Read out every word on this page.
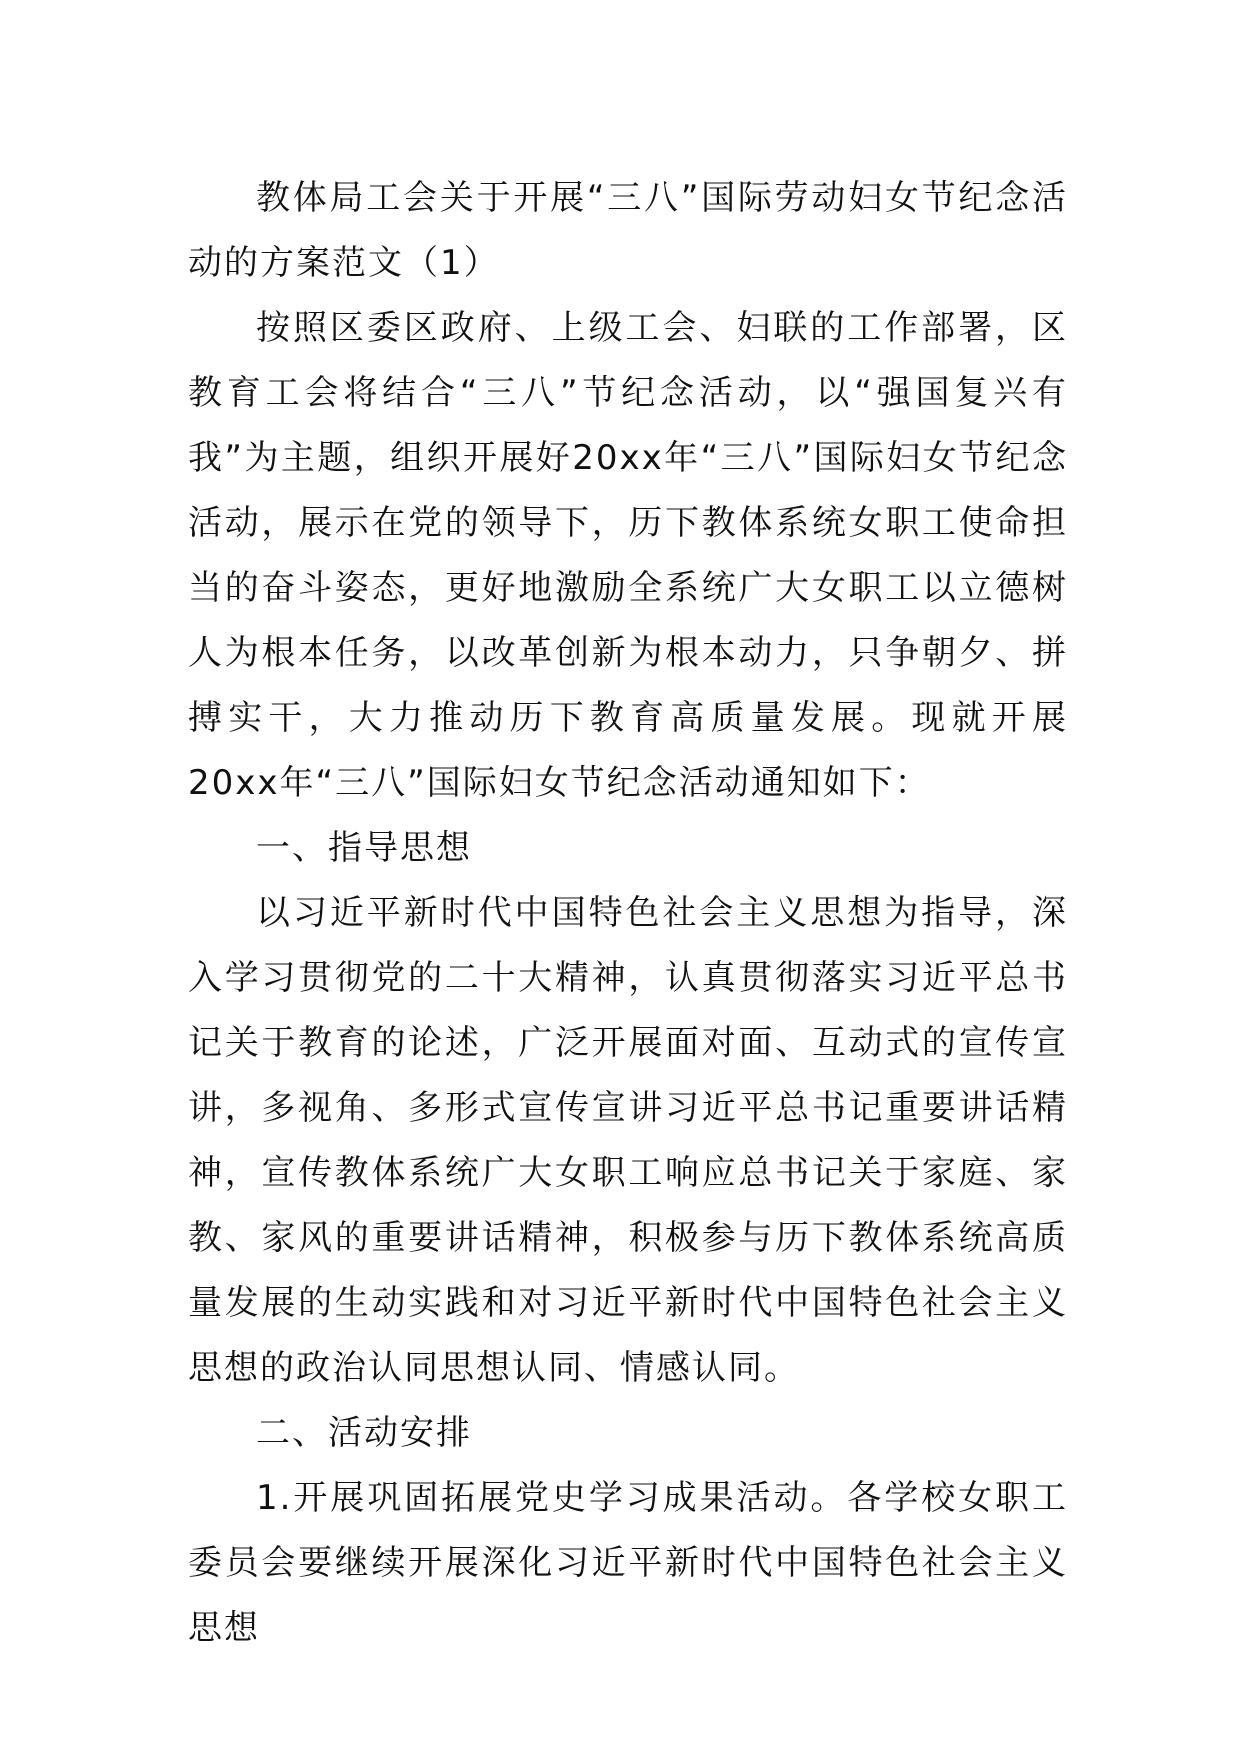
教体局工会关于开展“三八”国际劳动妇女节纪念活动的方案范文（1）

按照区委区政府、上级工会、妇联的工作部署，区教育工会将结合“三八”节纪念活动，以“强国复兴有我”为主题，组织开展好20xx年“三八”国际妇女节纪念活动，展示在党的领导下，历下教体系统女职工使命担当的奋斗姿态，更好地激励全系统广大女职工以立德树人为根本任务，以改革创新为根本动力，只争朝夕、拼搏实干，大力推动历下教育高质量发展。现就开展20xx年“三八”国际妇女节纪念活动通知如下：

一、指导思想

以习近平新时代中国特色社会主义思想为指导，深入学习贯彻党的二十大精神，认真贯彻落实习近平总书记关于教育的论述，广泛开展面对面、互动式的宣传宣讲，多视角、多形式宣传宣讲习近平总书记重要讲话精神，宣传教体系统广大女职工响应总书记关于家庭、家教、家风的重要讲话精神，积极参与历下教体系统高质量发展的生动实践和对习近平新时代中国特色社会主义思想的政治认同思想认同、情感认同。

二、活动安排

1.开展巩固拓展党史学习成果活动。各学校女职工委员会要继续开展深化习近平新时代中国特色社会主义思想
